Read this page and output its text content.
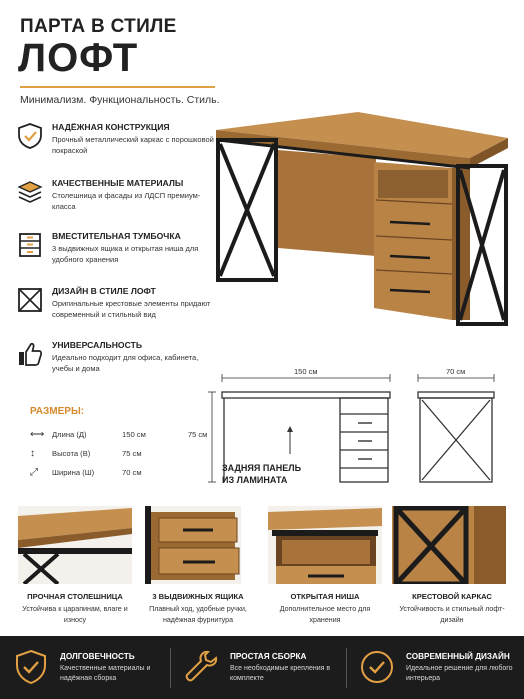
ПАРТА В СТИЛЕ
ЛОФТ
Минимализм. Функциональность. Стиль.
НАДЁЖНАЯ КОНСТРУКЦИЯ
Прочный металлический каркас с порошковой покраской
КАЧЕСТВЕННЫЕ МАТЕРИАЛЫ
Столешница и фасады из ЛДСП премиум-класса
ВМЕСТИТЕЛЬНАЯ ТУМБОЧКА
3 выдвижных ящика и открытая ниша для удобного хранения
ДИЗАЙН В СТИЛЕ ЛОФТ
Оригинальные крестовые элементы придают современный и стильный вид
УНИВЕРСАЛЬНОСТЬ
Идеально подходит для офиса, кабинета, учебы и дома	150 см	70 см
75 см
ЗАДНЯЯ ПАНЕЛЬ
ИЗ ЛАМИНАТА
РАЗМЕРЫ:
⟷ Длина (Д)	150 см
↕ Высота (В)	75 см
⤢ Ширина (Ш)	70 см
ПРОЧНАЯ СТОЛЕШНИЦА
Устойчива к царапинам, влаге и износу
3 ВЫДВИЖНЫХ ЯЩИКА
Плавный ход, удобные ручки, надёжная фурнитура
ОТКРЫТАЯ НИША
Дополнительное место для хранения
КРЕСТОВОЙ КАРКАС
Устойчивость и стильный лофт-дизайн
ДОЛГОВЕЧНОСТЬ
Качественные материалы и надёжная сборка
ПРОСТАЯ СБОРКА
Все необходимые крепления в комплекте
СОВРЕМЕННЫЙ ДИЗАЙН
Идеальное решение для любого интерьера
